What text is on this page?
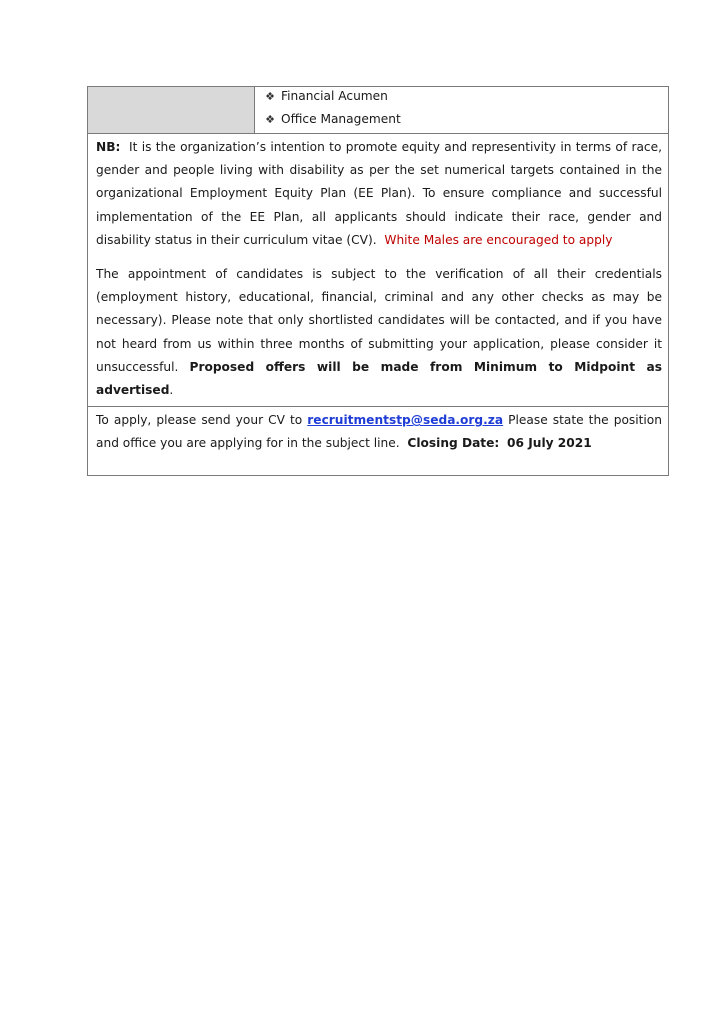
❖ Financial Acumen
❖ Office Management

NB: It is the organization’s intention to promote equity and representivity in terms of race, gender and people living with disability as per the set numerical targets contained in the organizational Employment Equity Plan (EE Plan). To ensure compliance and successful implementation of the EE Plan, all applicants should indicate their race, gender and disability status in their curriculum vitae (CV). White Males are encouraged to apply

The appointment of candidates is subject to the verification of all their credentials (employment history, educational, financial, criminal and any other checks as may be necessary). Please note that only shortlisted candidates will be contacted, and if you have not heard from us within three months of submitting your application, please consider it unsuccessful. Proposed offers will be made from Minimum to Midpoint as advertised.

To apply, please send your CV to recruitmentstp@seda.org.za Please state the position and office you are applying for in the subject line. Closing Date: 06 July 2021
